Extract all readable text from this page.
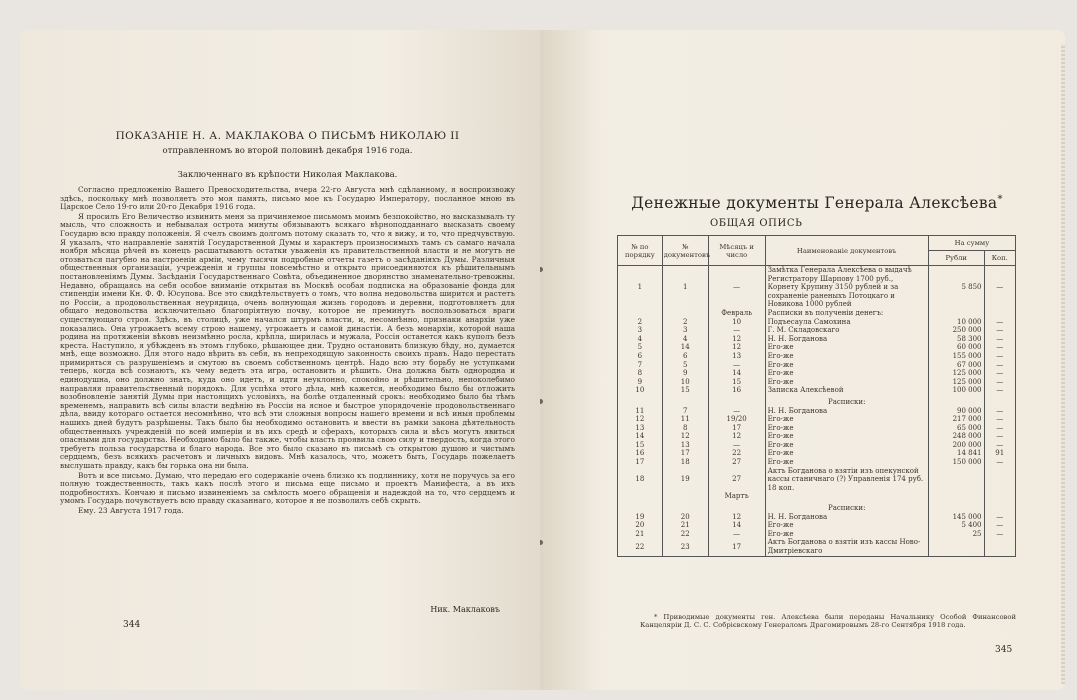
ПОКАЗАНІЕ Н. А. МАКЛАКОВА О ПИСЬМѢ НИКОЛАЮ II
отправленномъ во второй половинѣ декабря 1916 года.
Заключеннаго въ крѣпости Николая Маклакова.

Согласно предложенію Вашего Превосходительства, вчера 22-го Августа мнѣ сдѣланному, я воспроизвожу здѣсь, поскольку мнѣ позволяетъ это моя память, письмо мое къ Государю Императору, посланное мною въ Царское Село 19-го или 20-го Декабря 1916 года.

Я просилъ Его Величество извинить меня за причиняемое письмомъ моимъ безпокойство, но высказывалъ ту мысль, что сложность и небывалая острота минуты обязываютъ всякаго вѣрноподданнаго высказать своему Государю всю правду положенія. Я счелъ своимъ долгомъ потому сказать то, что я вижу, и то, что предчувствую. Я указалъ, что направленіе занятій Государственной Думы и характеръ произносимыхъ тамъ съ самаго начала ноября мѣсяца рѣчей въ конецъ расшатываютъ остатки уваженія къ правительственной власти и не могутъ не отозваться пагубно на настроеніи арміи, чему тысячи подробные отчеты газетъ о засѣданіяхъ Думы. Различныя общественныя организаціи, учрежденія и группы повсемѣстно и открыто присоединяются къ рѣшительнымъ постановленіямъ Думы. Засѣданія Государственнаго Совѣта, объединенное дворянство знаменательно-тревожны. Недавно, обращаясь на себя особое вниманіе открытая въ Москвѣ особая подписка на образованіе фонда для стипендіи имени Кн. Ф. Ф. Юсупова. Все это свидѣтельствуетъ о томъ, что волна недовольства ширится и растетъ по Россіи, а продовольственная неурядица, очень волнующая жизнь городовъ и деревни, подготовляетъ для общаго недовольства исключительно благопріятную почву, которое не преминутъ воспользоваться враги существующаго строя. Здѣсь, въ столицѣ, уже начался штурмъ власти, и, несомнѣнно, признаки анархіи уже показались. Она угрожаетъ всему строю нашему, угрожаетъ и самой династіи. А безъ монархіи, которой наша родина на протяженіи вѣковъ неизмѣнно росла, крѣпла, ширилась и мужала, Россія останется какъ куполъ безъ креста. Наступило, я убѣжденъ въ этомъ глубоко, рѣшающее дни. Трудно остановить близкую бѣду, но, думается мнѣ, еще возможно. Для этого надо вѣрить въ себя, въ непреходящую законность своихъ правъ. Надо перестать примиряться съ разрушеніемъ и смутою въ своемъ собственномъ центрѣ. Надо всю эту борьбу не уступками теперь, когда всѣ сознаютъ, къ чему ведетъ эта игра, остановить и рѣшить. Она должна быть однородна и единодушна, оно должно знать, куда оно идетъ, и идти неуклонно, спокойно и рѣшительно, непоколебимо направляя правительственный порядокъ. Для успѣха этого дѣла, мнѣ кажется, необходимо было бы отложить возобновленіе занятій Думы при настоящихъ условіяхъ, на болѣе отдаленный срокъ: необходимо было бы тѣмъ временемъ, направить всѣ силы власти ведѣнію въ Россіи на ясное и быстрое упорядоченіе продовольственнаго дѣла, ввиду котораго остается несомнѣнно, что всѣ эти сложныя вопросы нашего времени и всѣ иныя проблемы нашихъ дней будутъ разрѣшены. Такъ было бы необходимо остановить и ввести въ рамки закона дѣятельность общественныхъ учрежденій по всей имперіи и въ ихъ средѣ и сферахъ, которыхъ сила и вѣсъ могутъ явиться опасными для государства. Необходимо было бы также, чтобы власть проявила свою силу и твердость, когда этого требуетъ польза государства и благо народа. Все это было сказано въ письмѣ съ открытою душою и чистымъ сердцемъ, безъ всякихъ расчетовъ и личныхъ видовъ. Мнѣ казалось, что, можетъ быть, Государь пожелаетъ выслушать правду, какъ бы горька она ни была.

Вотъ и все письмо. Думаю, что передаю его содержаніе очень близко къ подлиннику, хотя не поручусь за его полную тождественность, такъ какъ послѣ этого и письма еще письмо и проектъ Манифеста, а въ ихъ подробностяхъ. Кончаю я письмо извиненіемъ за смѣлость моего обращенія и надеждой на то, что сердцемъ и умомъ Государь почувствуетъ всю правду сказаннаго, которое я не позволилъ себѣ скрыть.

Ему. 23 Августа 1917 года.

Ник. Маклаковъ
344
Денежные документы Генерала Алексѣева*
ОБЩАЯ ОПИСЬ
№ по порядку	№ документовъ	Мѣсяцъ и число	Наименованіе документовъ	На сумму	
				Рубли	Коп.
1	1	—	Замѣтка Генерала Алексѣева о выдачѣ Регистратору Шарпову 1700 руб., Корнету Крупину 3150 рублей и за сохраненіе раненыхъ Потоцкаго и Новикова 1000 рублей	5 850	—
		Февраль	Расписки въ полученіи денегъ:		
2	2	10	Подъесаула Самохина	10 000	—
3	3	—	Г. М. Складовскаго	250 000	—
4	4	12	Н. Н. Богданова	58 300	—
5	14	12	Его-же	60 000	—
6	6	13	Его-же	155 000	—
7	5	—	Его-же	67 000	—
8	9	14	Его-же	125 000	—
9	10	15	Его-же	125 000	—
10	15	16	Записка Алексѣевой	100 000	—
			Расписки:		
11	7	—	Н. Н. Богданова	90 000	—
12	11	19/20	Его-же	217 000	—
13	8	17	Его-же	65 000	—
14	12	12	Его-же	248 000	—
15	13	—	Его-же	200 000	—
16	17	22	Его-же	14 841	91
17	18	27	Его-же	150 000	—
18	19	27	Актъ Богданова о взятіи изъ опекунской кассы станичнаго (?) Управленія 174 руб. 18 коп.		
		Мартъ			
			Расписки:		
19	20	12	Н. Н. Богданова	145 000	—
20	21	14	Его-же	5 400	—
21	22	—	Его-же	25	—
22	23	17	Актъ Богданова о взятіи изъ кассы Ново-Дмитріевскаго		
* Приводимые документы ген. Алексѣева были переданы Начальнику Особой Финансовой Канцеляріи Д. С. С. Собрієвскому Генераломъ Драгомировымъ 28-го Сентября 1918 года.
345
